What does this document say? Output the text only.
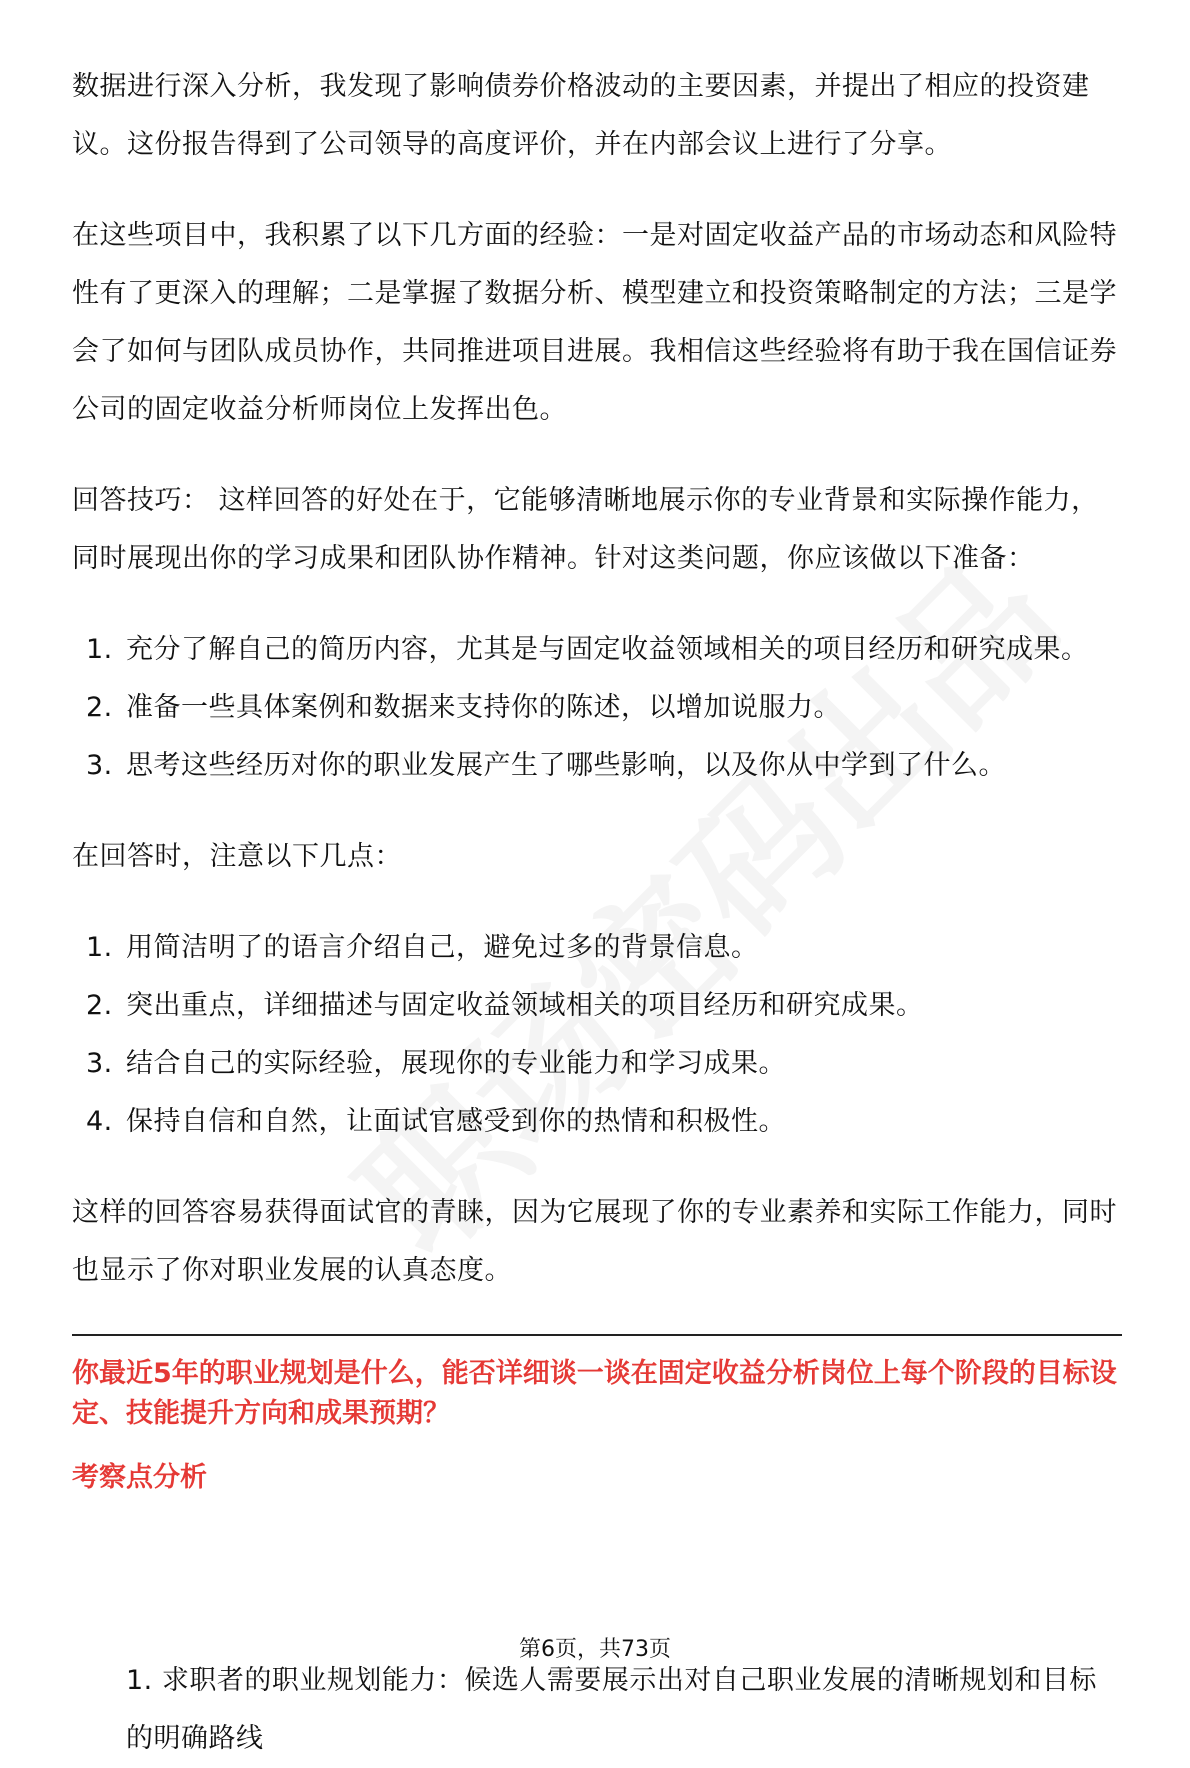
数据进行深入分析，我发现了影响债券价格波动的主要因素，并提出了相应的投资建议。这份报告得到了公司领导的高度评价，并在内部会议上进行了分享。

在这些项目中，我积累了以下几方面的经验：一是对固定收益产品的市场动态和风险特性有了更深入的理解；二是掌握了数据分析、模型建立和投资策略制定的方法；三是学会了如何与团队成员协作，共同推进项目进展。我相信这些经验将有助于我在国信证券公司的固定收益分析师岗位上发挥出色。

回答技巧： 这样回答的好处在于，它能够清晰地展示你的专业背景和实际操作能力，同时展现出你的学习成果和团队协作精神。针对这类问题，你应该做以下准备：

1. 充分了解自己的简历内容，尤其是与固定收益领域相关的项目经历和研究成果。
2. 准备一些具体案例和数据来支持你的陈述，以增加说服力。
3. 思考这些经历对你的职业发展产生了哪些影响，以及你从中学到了什么。

在回答时，注意以下几点：

1. 用简洁明了的语言介绍自己，避免过多的背景信息。
2. 突出重点，详细描述与固定收益领域相关的项目经历和研究成果。
3. 结合自己的实际经验，展现你的专业能力和学习成果。
4. 保持自信和自然，让面试官感受到你的热情和积极性。

这样的回答容易获得面试官的青睐，因为它展现了你的专业素养和实际工作能力，同时也显示了你对职业发展的认真态度。

你最近5年的职业规划是什么，能否详细谈一谈在固定收益分析岗位上每个阶段的目标设定、技能提升方向和成果预期？

考察点分析

1. 求职者的职业规划能力：候选人需要展示出对自己职业发展的清晰规划和目标的明确路线
第6页，共73页
